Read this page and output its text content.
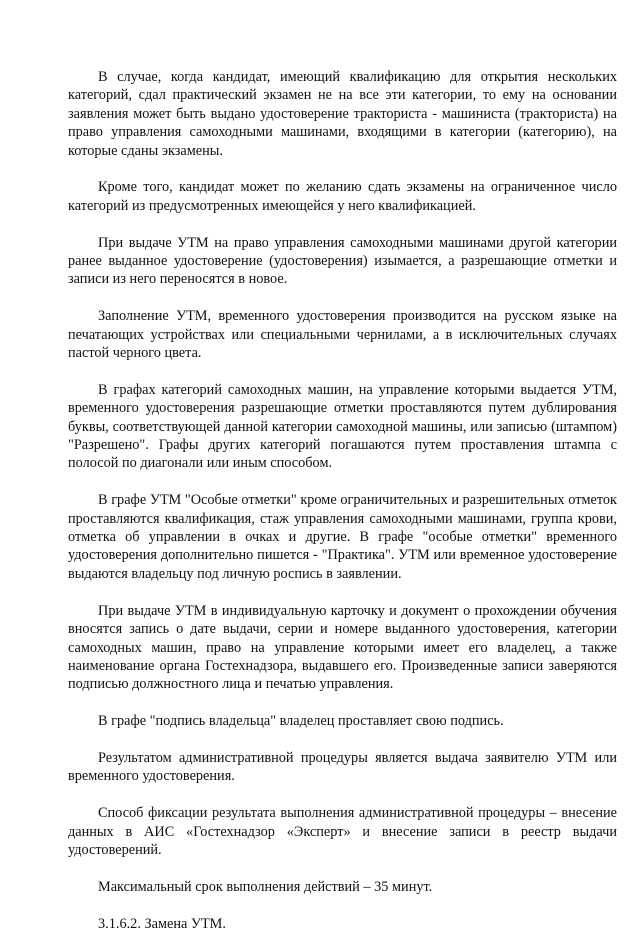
В случае, когда кандидат, имеющий квалификацию для открытия нескольких категорий, сдал практический экзамен не на все эти категории, то ему на основании заявления может быть выдано удостоверение тракториста - машиниста (тракториста) на право управления самоходными машинами, входящими в категории (категорию), на которые сданы экзамены.

Кроме того, кандидат может по желанию сдать экзамены на ограниченное число категорий из предусмотренных имеющейся у него квалификацией.

При выдаче УТМ на право управления самоходными машинами другой категории ранее выданное удостоверение (удостоверения) изымается, а разрешающие отметки и записи из него переносятся в новое.

Заполнение УТМ, временного удостоверения производится на русском языке на печатающих устройствах или специальными чернилами, а в исключительных случаях пастой черного цвета.

В графах категорий самоходных машин, на управление которыми выдается УТМ, временного удостоверения разрешающие отметки проставляются путем дублирования буквы, соответствующей данной категории самоходной машины, или записью (штампом) "Разрешено". Графы других категорий погашаются путем проставления штампа с полосой по диагонали или иным способом.

В графе УТМ "Особые отметки" кроме ограничительных и разрешительных отметок проставляются квалификация, стаж управления самоходными машинами, группа крови, отметка об управлении в очках и другие. В графе "особые отметки" временного удостоверения дополнительно пишется - "Практика". УТМ или временное удостоверение выдаются владельцу под личную роспись в заявлении.

При выдаче УТМ в индивидуальную карточку и документ о прохождении обучения вносятся запись о дате выдачи, серии и номере выданного удостоверения, категории самоходных машин, право на управление которыми имеет его владелец, а также наименование органа Гостехнадзора, выдавшего его. Произведенные записи заверяются подписью должностного лица и печатью управления.

В графе "подпись владельца" владелец проставляет свою подпись.

Результатом административной процедуры является выдача заявителю УТМ или временного удостоверения.

Способ фиксации результата выполнения административной процедуры – внесение данных в АИС «Гостехнадзор «Эксперт» и внесение записи в реестр выдачи удостоверений.

Максимальный срок выполнения действий – 35 минут.

3.1.6.2. Замена УТМ.
